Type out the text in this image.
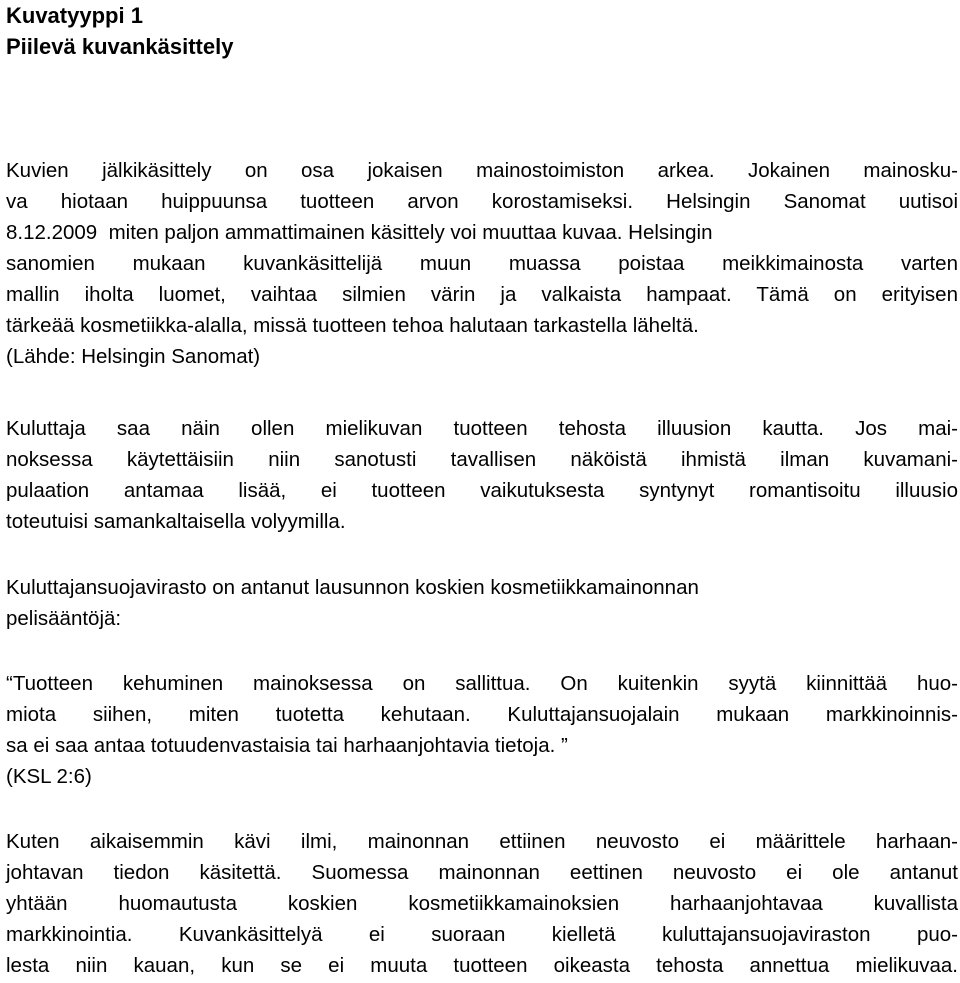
Kuvatyyppi 1
Piilevä kuvankäsittely
Kuvien jälkikäsittely on osa jokaisen mainostoimiston arkea. Jokainen mainosku-
va hiotaan huippuunsa tuotteen arvon korostamiseksi. Helsingin Sanomat uutisoi
8.12.2009  miten paljon ammattimainen käsittely voi muuttaa kuvaa. Helsingin
sanomien mukaan kuvankäsittelijä muun muassa poistaa meikkimainosta varten
mallin iholta luomet, vaihtaa silmien värin ja valkaista hampaat. Tämä on erityisen
tärkeää kosmetiikka-alalla, missä tuotteen tehoa halutaan tarkastella läheltä.
(Lähde: Helsingin Sanomat)
Kuluttaja saa näin ollen mielikuvan tuotteen tehosta illuusion kautta. Jos mai-
noksessa käytettäisiin niin sanotusti tavallisen näköistä ihmistä ilman kuvamani-
pulaation antamaa lisää, ei tuotteen vaikutuksesta syntynyt romantisoitu illuusio
toteutuisi samankaltaisella volyymilla.
Kuluttajansuojavirasto on antanut lausunnon koskien kosmetiikkamainonnan
pelisääntöjä:
“Tuotteen kehuminen mainoksessa on sallittua. On kuitenkin syytä kiinnittää huo-
miota siihen, miten tuotetta kehutaan. Kuluttajansuojalain mukaan markkinoinnis-
sa ei saa antaa totuudenvastaisia tai harhaanjohtavia tietoja. ”
(KSL 2:6)
Kuten aikaisemmin kävi ilmi, mainonnan ettiinen neuvosto ei määrittele harhaan-
johtavan tiedon käsitettä. Suomessa mainonnan eettinen neuvosto ei ole antanut
yhtään huomautusta koskien kosmetiikkamainoksien harhaanjohtavaa kuvallista
markkinointia. Kuvankäsittelyä ei suoraan kielletä kuluttajansuojaviraston puo-
lesta niin kauan, kun se ei muuta tuotteen oikeasta tehosta annettua mielikuvaa.
